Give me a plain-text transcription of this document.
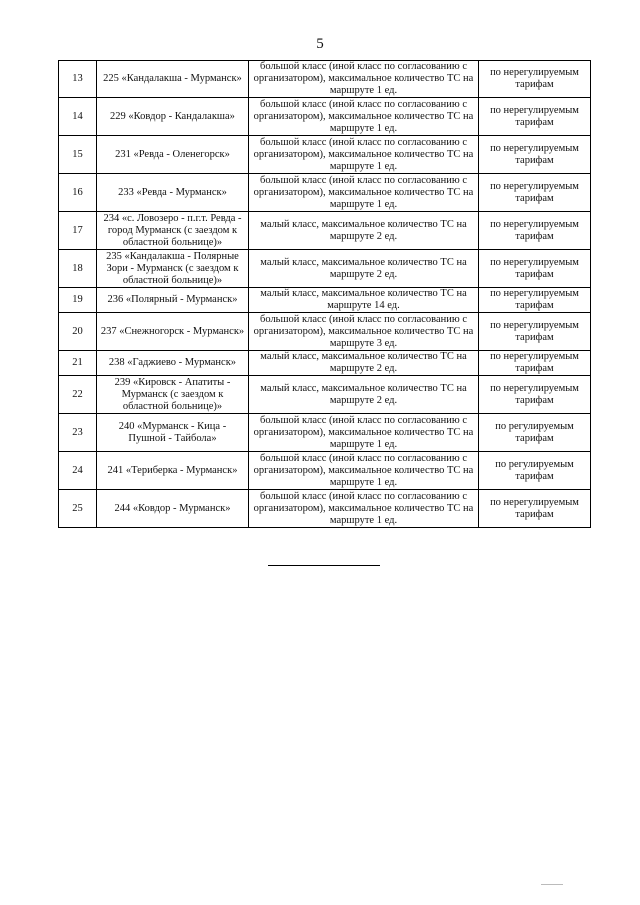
5
13	225 «Кандалакша - Мурманск»	большой класс (иной класс по согласованию с организатором), максимальное количество ТС на маршруте 1 ед.	по нерегулируемым тарифам
14	229 «Ковдор - Кандалакша»	большой класс (иной класс по согласованию с организатором), максимальное количество ТС на маршруте 1 ед.	по нерегулируемым тарифам
15	231 «Ревда - Оленегорск»	большой класс (иной класс по согласованию с организатором), максимальное количество ТС на маршруте 1 ед.	по нерегулируемым тарифам
16	233 «Ревда - Мурманск»	большой класс (иной класс по согласованию с организатором), максимальное количество ТС на маршруте 1 ед.	по нерегулируемым тарифам
17	234 «с. Ловозеро - п.г.т. Ревда - город Мурманск (с заездом к областной больнице)»	малый класс, максимальное количество ТС на маршруте 2 ед.	по нерегулируемым тарифам
18	235 «Кандалакша - Полярные Зори - Мурманск (с заездом к областной больнице)»	малый класс, максимальное количество ТС на маршруте 2 ед.	по нерегулируемым тарифам
19	236 «Полярный - Мурманск»	малый класс, максимальное количество ТС на маршруте 14 ед.	по нерегулируемым тарифам
20	237 «Снежногорск - Мурманск»	большой класс (иной класс по согласованию с организатором), максимальное количество ТС на маршруте 3 ед.	по нерегулируемым тарифам
21	238 «Гаджиево - Мурманск»	малый класс, максимальное количество ТС на маршруте 2 ед.	по нерегулируемым тарифам
22	239 «Кировск - Апатиты - Мурманск (с заездом к областной больнице)»	малый класс, максимальное количество ТС на маршруте 2 ед.	по нерегулируемым тарифам
23	240 «Мурманск - Кица - Пушной - Тайбола»	большой класс (иной класс по согласованию с организатором), максимальное количество ТС на маршруте 1 ед.	по регулируемым тарифам
24	241 «Териберка - Мурманск»	большой класс (иной класс по согласованию с организатором), максимальное количество ТС на маршруте 1 ед.	по регулируемым тарифам
25	244 «Ковдор - Мурманск»	большой класс (иной класс по согласованию с организатором), максимальное количество ТС на маршруте 1 ед.	по нерегулируемым тарифам
